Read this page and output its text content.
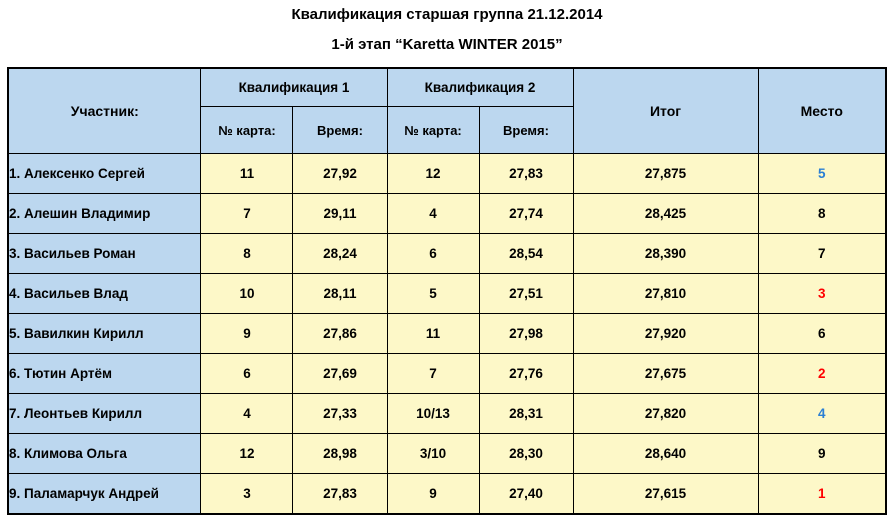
Квалификация старшая группа 21.12.2014
1-й этап “Karetta WINTER 2015”
Участник:	Квалификация 1		Квалификация 2		Итог	Место
	№ карта:	Время:	№ карта:	Время:		
1. Алексенко Сергей	11	27,92	12	27,83	27,875	5
2. Алешин Владимир	7	29,11	4	27,74	28,425	8
3. Васильев Роман	8	28,24	6	28,54	28,390	7
4. Васильев Влад	10	28,11	5	27,51	27,810	3
5. Вавилкин Кирилл	9	27,86	11	27,98	27,920	6
6. Тютин Артём	6	27,69	7	27,76	27,675	2
7. Леонтьев Кирилл	4	27,33	10/13	28,31	27,820	4
8. Климова Ольга	12	28,98	3/10	28,30	28,640	9
9. Паламарчук Андрей	3	27,83	9	27,40	27,615	1
